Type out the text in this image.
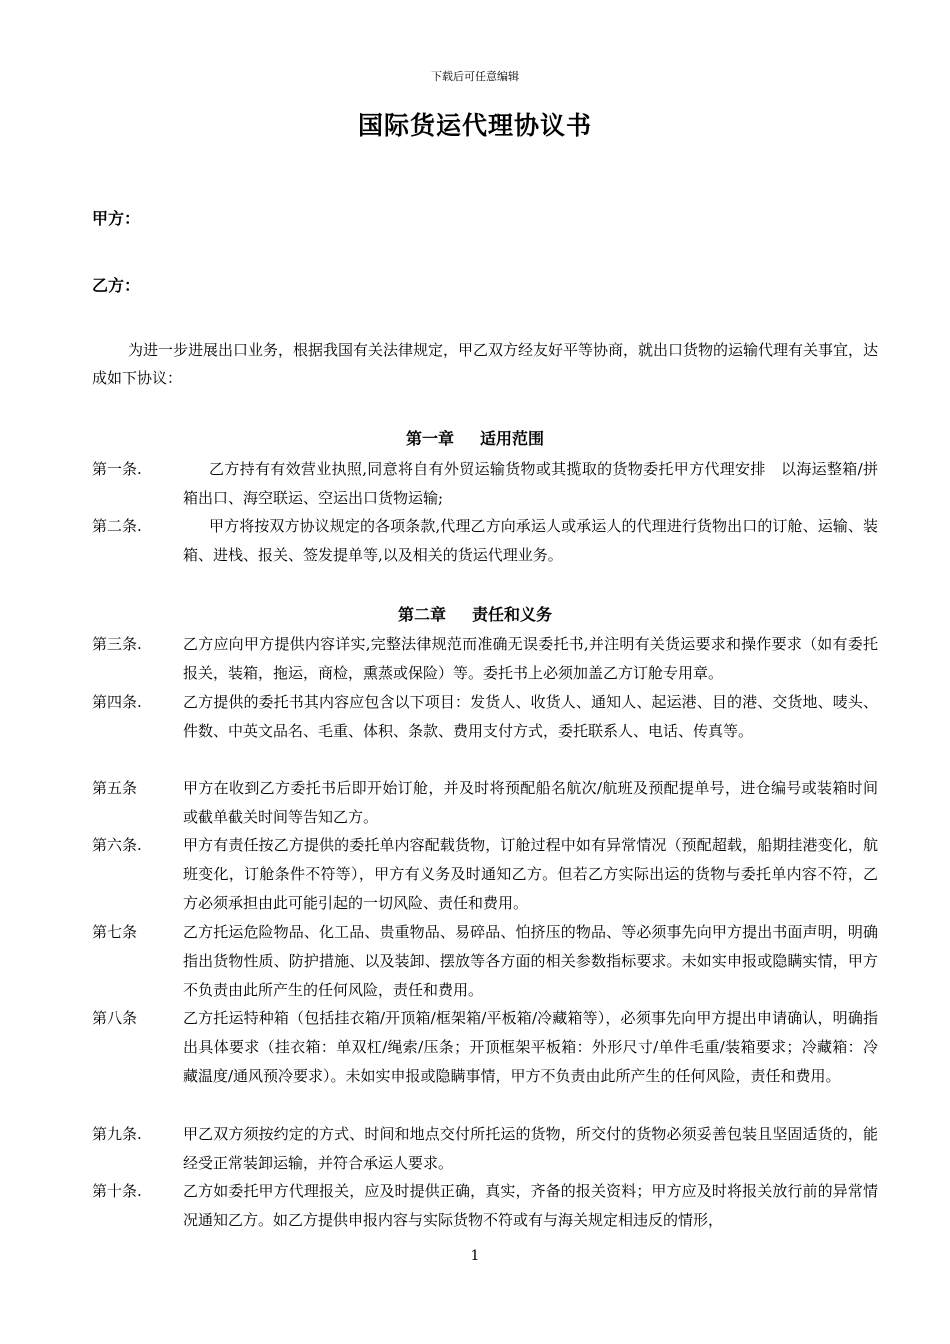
下载后可任意编辑
国际货运代理协议书
甲方：
乙方：

为进一步进展出口业务，根据我国有关法律规定，甲乙双方经友好平等协商，就出口货物的运输代理有关事宜，达成如下协议：

第一章 适用范围
第一条.	乙方持有有效营业执照,同意将自有外贸运输货物或其揽取的货物委托甲方代理安排　以海运整箱/拼箱出口、海空联运、空运出口货物运输;
第二条.	甲方将按双方协议规定的各项条款,代理乙方向承运人或承运人的代理进行货物出口的订舱、运输、装箱、进栈、报关、签发提单等,以及相关的货运代理业务。
第二章 责任和义务
第三条.	乙方应向甲方提供内容详实,完整法律规范而准确无误委托书,并注明有关货运要求和操作要求（如有委托报关，装箱，拖运，商检，熏蒸或保险）等。委托书上必须加盖乙方订舱专用章。
第四条.	乙方提供的委托书其内容应包含以下项目：发货人、收货人、通知人、起运港、目的港、交货地、唛头、件数、中英文品名、毛重、体积、条款、费用支付方式，委托联系人、电话、传真等。
第五条	甲方在收到乙方委托书后即开始订舱，并及时将预配船名航次/航班及预配提单号，进仓编号或装箱时间或截单截关时间等告知乙方。
第六条.	甲方有责任按乙方提供的委托单内容配载货物，订舱过程中如有异常情况（预配超载，船期挂港变化，航班变化，订舱条件不符等），甲方有义务及时通知乙方。但若乙方实际出运的货物与委托单内容不符，乙方必须承担由此可能引起的一切风险、责任和费用。
第七条	乙方托运危险物品、化工品、贵重物品、易碎品、怕挤压的物品、等必须事先向甲方提出书面声明，明确指出货物性质、防护措施、以及装卸、摆放等各方面的相关参数指标要求。未如实申报或隐瞒实情，甲方不负责由此所产生的任何风险，责任和费用。
第八条	乙方托运特种箱（包括挂衣箱/开顶箱/框架箱/平板箱/冷藏箱等），必须事先向甲方提出申请确认，明确指出具体要求（挂衣箱：单双杠/绳索/压条；开顶框架平板箱：外形尺寸/单件毛重/装箱要求；冷藏箱：冷藏温度/通风预冷要求）。未如实申报或隐瞒事情，甲方不负责由此所产生的任何风险，责任和费用。
第九条.	甲乙双方须按约定的方式、时间和地点交付所托运的货物，所交付的货物必须妥善包装且坚固适货的，能经受正常装卸运输，并符合承运人要求。
第十条.	乙方如委托甲方代理报关，应及时提供正确，真实，齐备的报关资料；甲方应及时将报关放行前的异常情况通知乙方。如乙方提供申报内容与实际货物不符或有与海关规定相违反的情形，
1
